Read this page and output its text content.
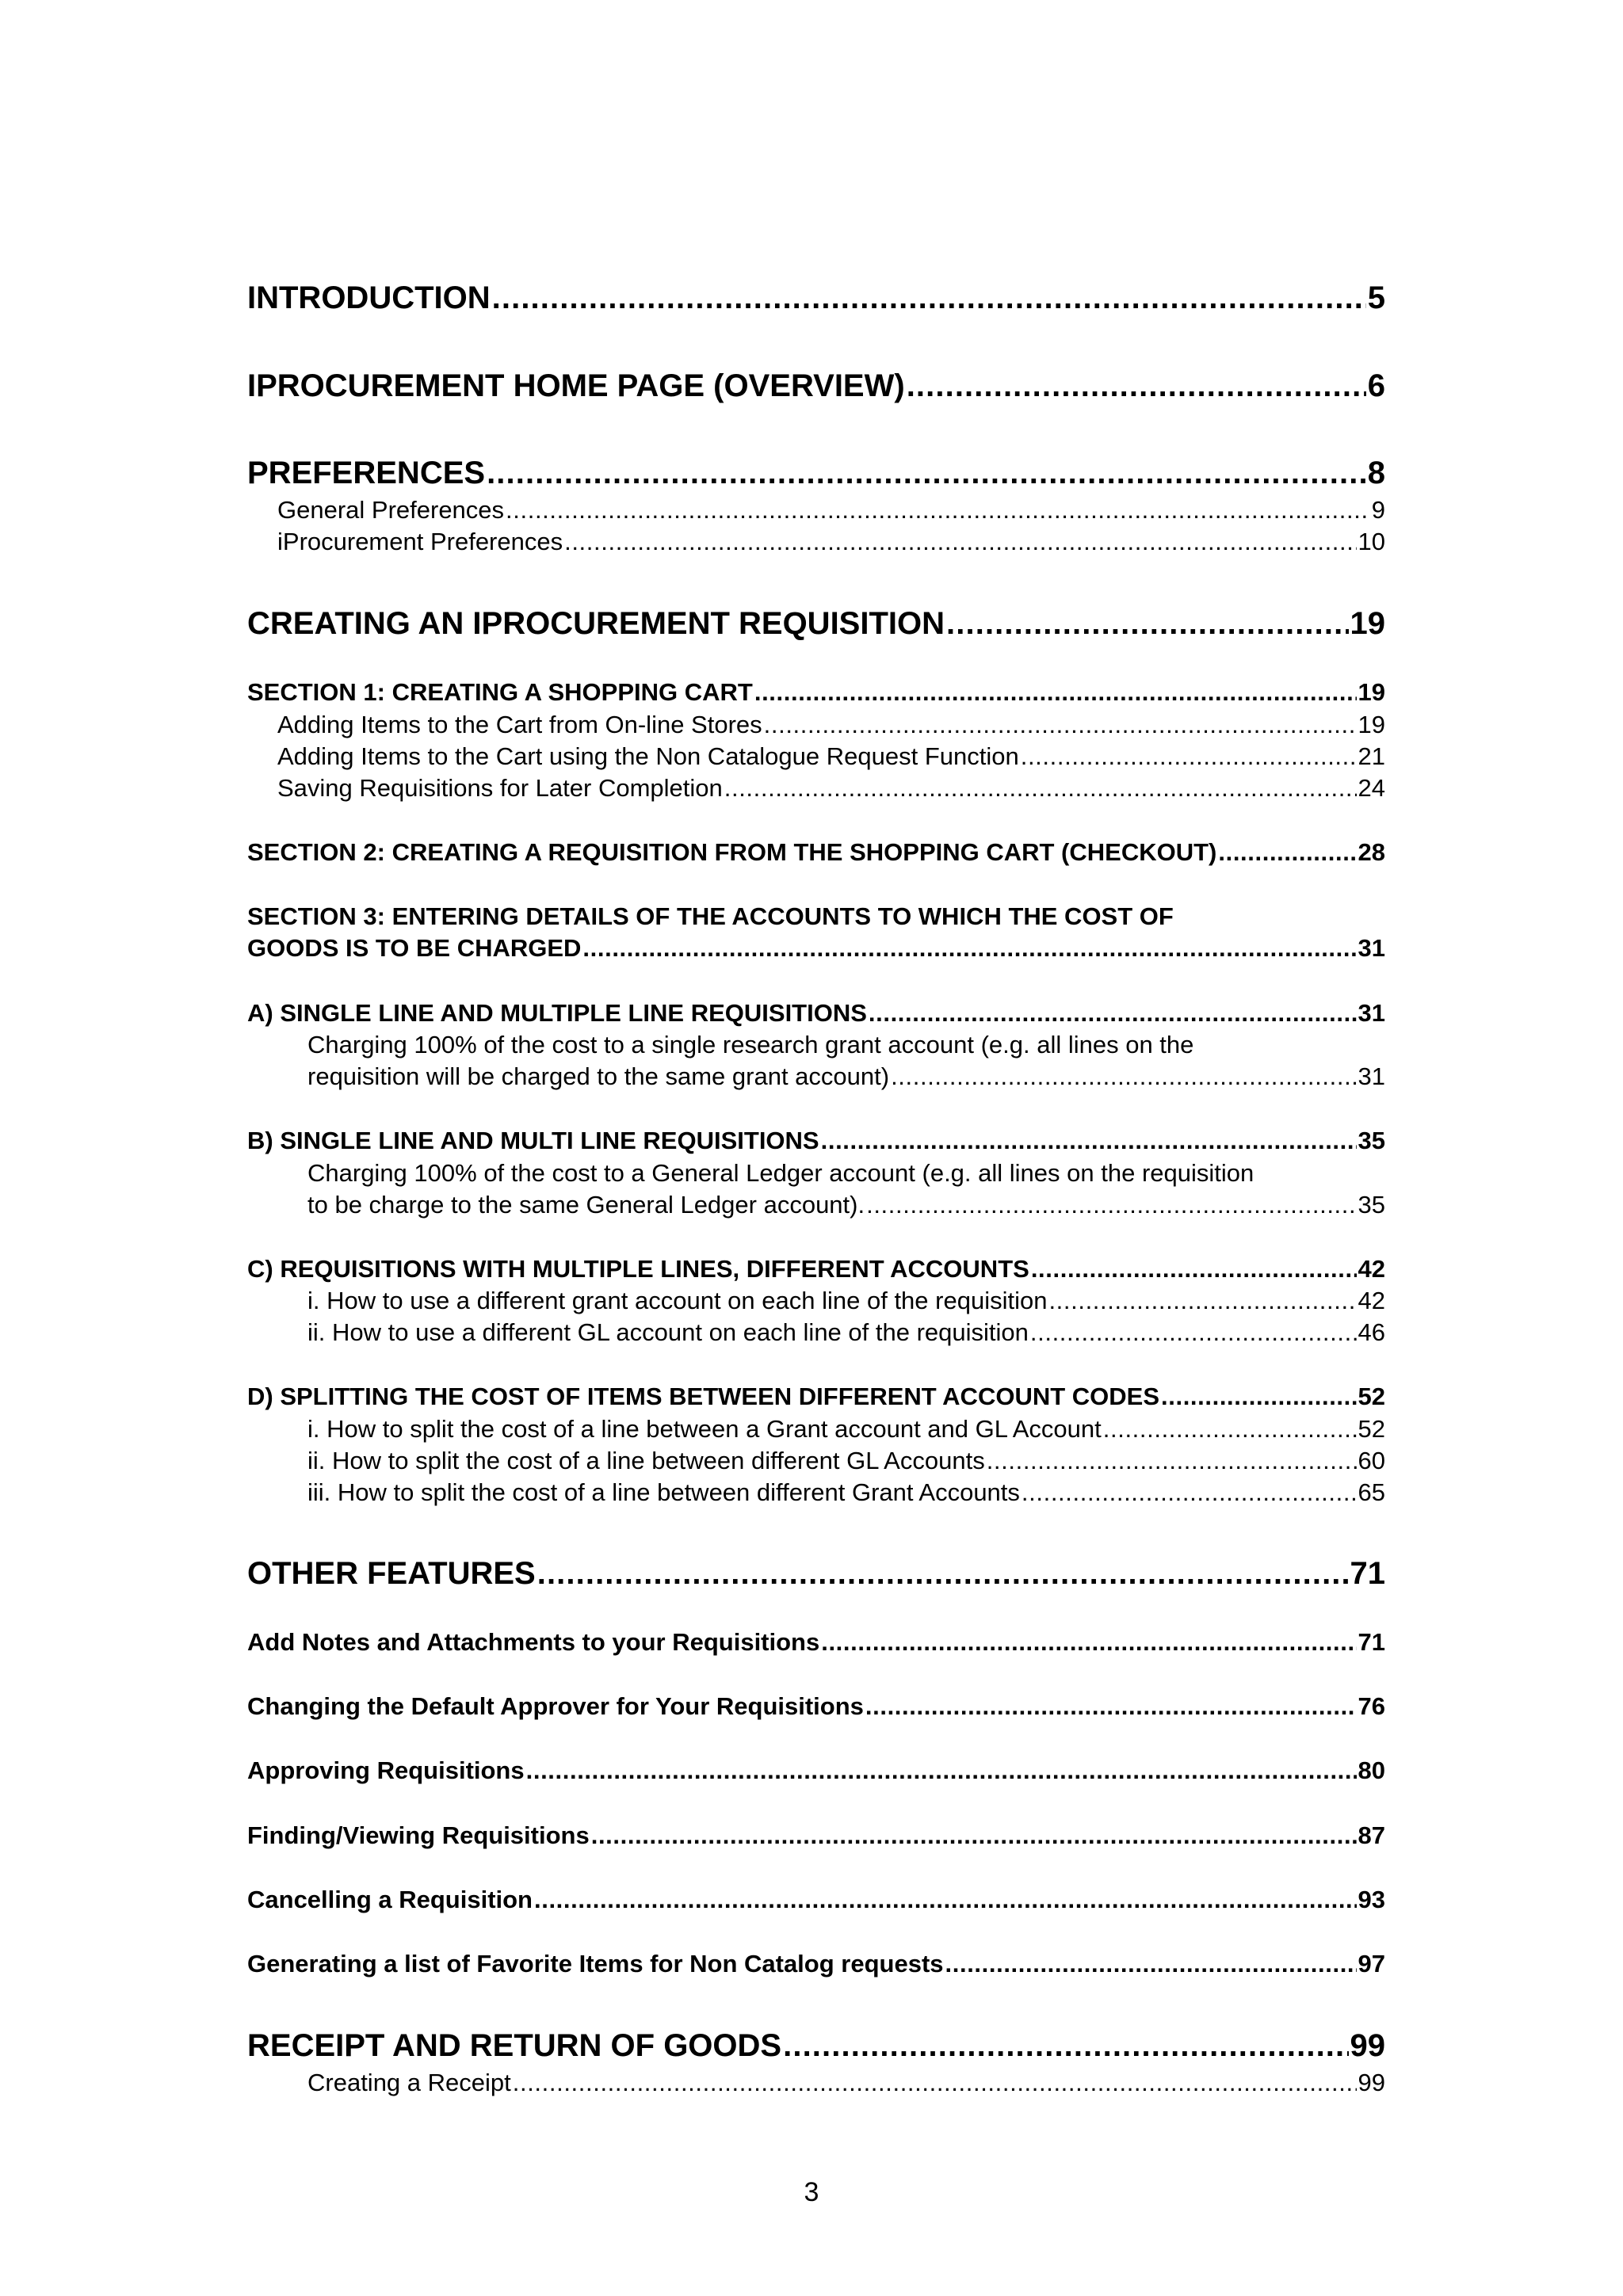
INTRODUCTION . . .	5
IPROCUREMENT HOME PAGE (OVERVIEW) . . .	6
PREFERENCES . . .	8
General Preferences . . .	9
iProcurement Preferences . . .	10
CREATING AN IPROCUREMENT REQUISITION . . .	19
SECTION 1: CREATING A SHOPPING CART . . .	19
Adding Items to the Cart from On-line Stores . . .	19
Adding Items to the Cart using the Non Catalogue Request Function . . .	21
Saving Requisitions for Later Completion . . .	24
SECTION 2: CREATING A REQUISITION FROM THE SHOPPING CART (CHECKOUT) . . .	28
SECTION 3: ENTERING DETAILS OF THE ACCOUNTS TO WHICH THE COST OF
GOODS IS TO BE CHARGED . . .	31
A) SINGLE LINE AND MULTIPLE LINE REQUISITIONS . . .	31
Charging 100% of the cost to a single research grant account (e.g. all lines on the
requisition will be charged to the same grant account) . . .	31
B) SINGLE LINE AND MULTI LINE REQUISITIONS . . .	35
Charging 100% of the cost to a General Ledger account (e.g. all lines on the requisition
to be charge to the same General Ledger account). . . .	35
C) REQUISITIONS WITH MULTIPLE LINES, DIFFERENT ACCOUNTS . . .	42
i. How to use a different grant account on each line of the requisition . . .	42
ii. How to use a different GL account on each line of the requisition . . .	46
D) SPLITTING THE COST OF ITEMS BETWEEN DIFFERENT ACCOUNT CODES . . .	52
i. How to split the cost of a line between a Grant account and GL Account . . .	52
ii. How to split the cost of a line between different GL Accounts . . .	60
iii. How to split the cost of a line between different Grant Accounts . . .	65
OTHER FEATURES . . .	71
Add Notes and Attachments to your Requisitions . . .	71
Changing the Default Approver for Your Requisitions . . .	76
Approving Requisitions . . .	80
Finding/Viewing Requisitions . . .	87
Cancelling a Requisition . . .	93
Generating a list of Favorite Items for Non Catalog requests . . .	97
RECEIPT AND RETURN OF GOODS . . .	99
Creating a Receipt . . .	99
3
